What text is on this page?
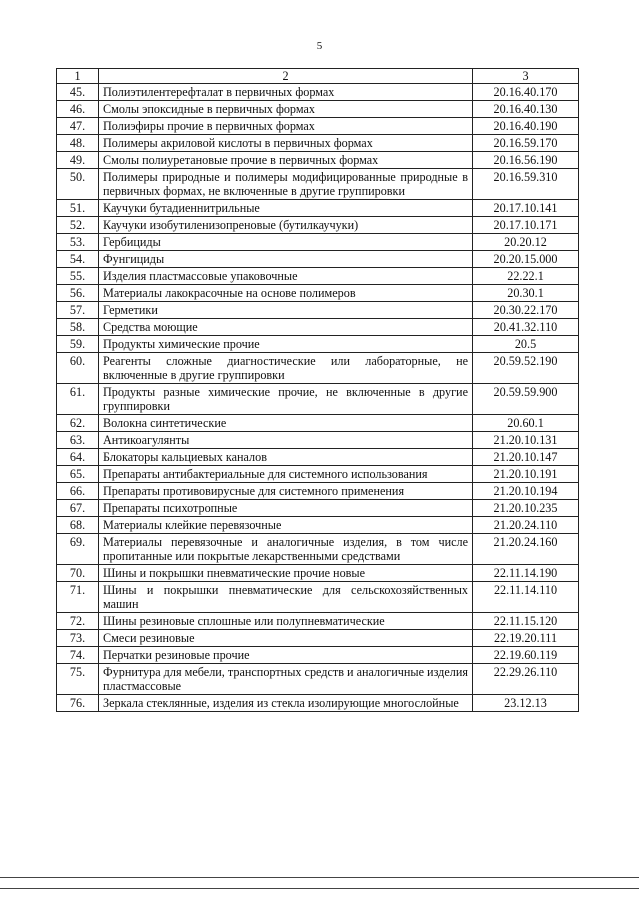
5
1	2	3
45.	Полиэтилентерефталат в первичных формах	20.16.40.170
46.	Смолы эпоксидные в первичных формах	20.16.40.130
47.	Полиэфиры прочие в первичных формах	20.16.40.190
48.	Полимеры акриловой кислоты в первичных формах	20.16.59.170
49.	Смолы полиуретановые прочие в первичных формах	20.16.56.190
50.	Полимеры природные и полимеры модифицированные природные в первичных формах, не включенные в другие группировки	20.16.59.310
51.	Каучуки бутадиеннитрильные	20.17.10.141
52.	Каучуки изобутиленизопреновые (бутилкаучуки)	20.17.10.171
53.	Гербициды	20.20.12
54.	Фунгициды	20.20.15.000
55.	Изделия пластмассовые упаковочные	22.22.1
56.	Материалы лакокрасочные на основе полимеров	20.30.1
57.	Герметики	20.30.22.170
58.	Средства моющие	20.41.32.110
59.	Продукты химические прочие	20.5
60.	Реагенты сложные диагностические или лабораторные, не включенные в другие группировки	20.59.52.190
61.	Продукты разные химические прочие, не включенные в другие группировки	20.59.59.900
62.	Волокна синтетические	20.60.1
63.	Антикоагулянты	21.20.10.131
64.	Блокаторы кальциевых каналов	21.20.10.147
65.	Препараты антибактериальные для системного использования	21.20.10.191
66.	Препараты противовирусные для системного применения	21.20.10.194
67.	Препараты психотропные	21.20.10.235
68.	Материалы клейкие перевязочные	21.20.24.110
69.	Материалы перевязочные и аналогичные изделия, в том числе пропитанные или покрытые лекарственными средствами	21.20.24.160
70.	Шины и покрышки пневматические прочие новые	22.11.14.190
71.	Шины и покрышки пневматические для сельскохозяйственных машин	22.11.14.110
72.	Шины резиновые сплошные или полупневматические	22.11.15.120
73.	Смеси резиновые	22.19.20.111
74.	Перчатки резиновые прочие	22.19.60.119
75.	Фурнитура для мебели, транспортных средств и аналогичные изделия пластмассовые	22.29.26.110
76.	Зеркала стеклянные, изделия из стекла изолирующие многослойные	23.12.13
